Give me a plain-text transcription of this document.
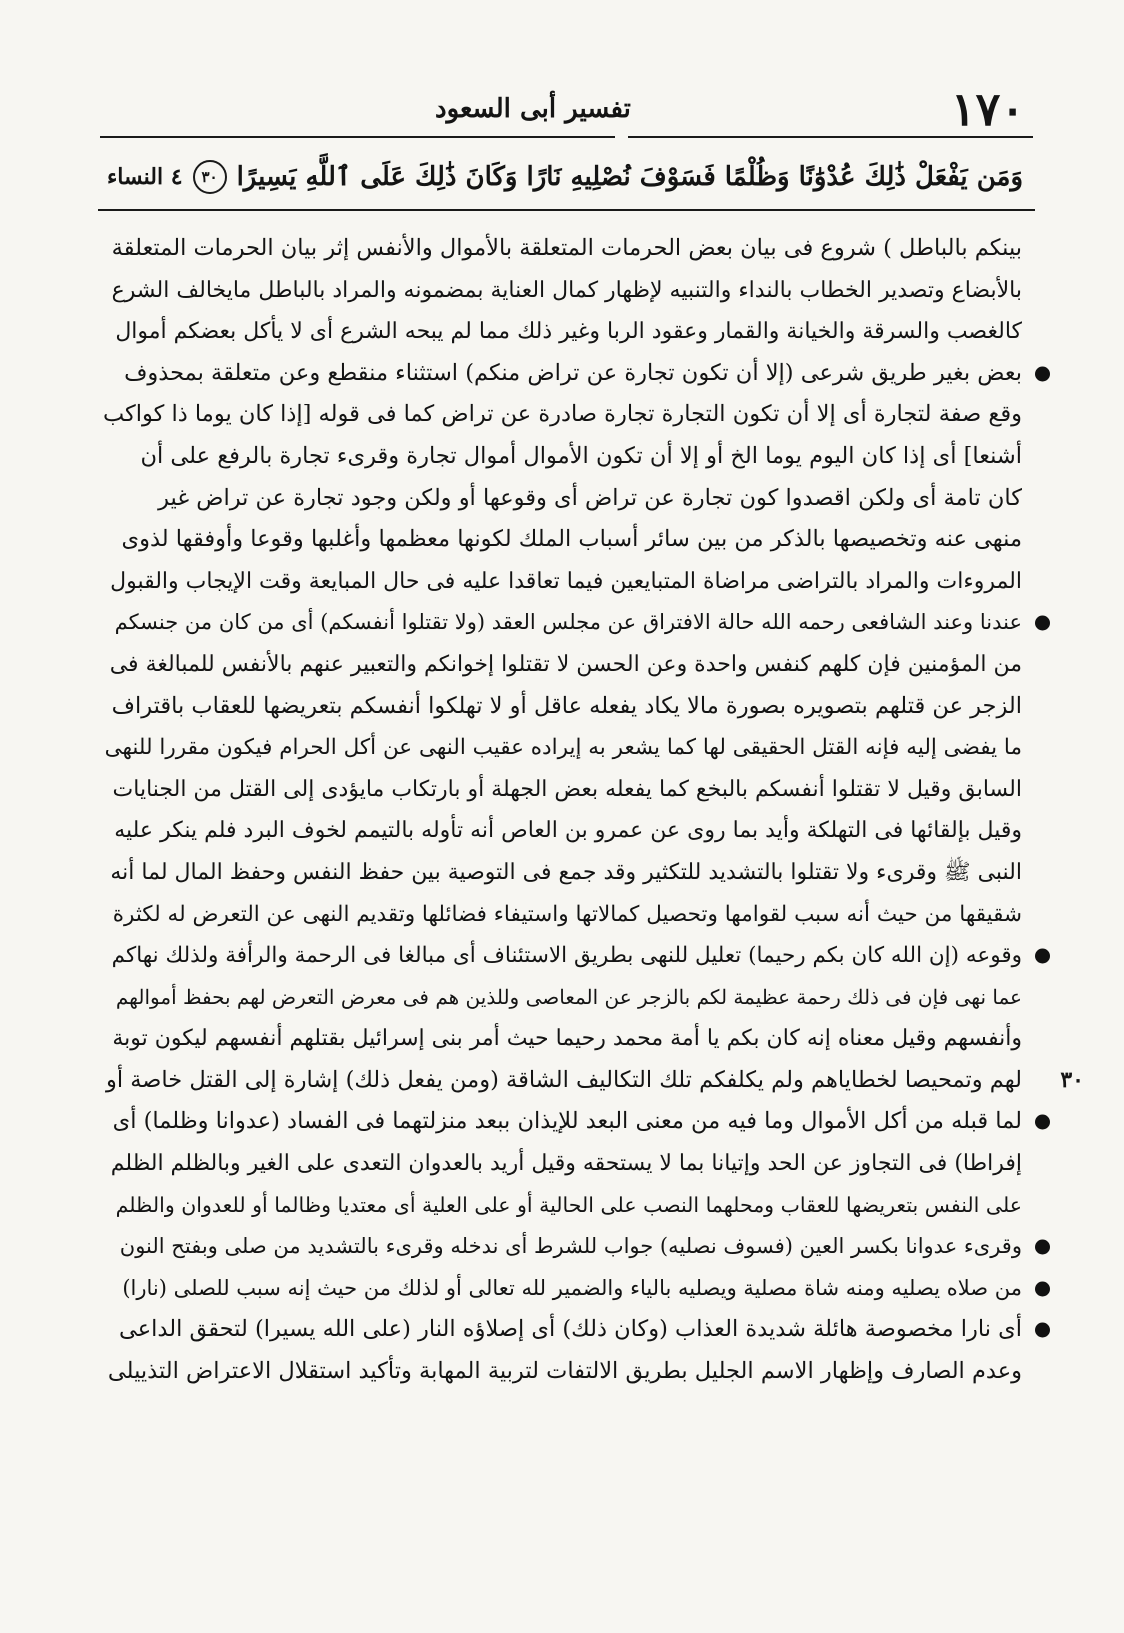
١٧٠
تفسير أبى السعود
وَمَن يَفْعَلْ ذَٰلِكَ عُدْوَٰنًا وَظُلْمًا فَسَوْفَ نُصْلِيهِ نَارًا وَكَانَ ذَٰلِكَ عَلَى ٱللَّهِ يَسِيرًا
٣٠
٤ النساء
بينكم بالباطل ) شروع فى بيان بعض الحرمات المتعلقة بالأموال والأنفس إثر بيان الحرمات المتعلقة
بالأبضاع وتصدير الخطاب بالنداء والتنبيه لإظهار كمال العناية بمضمونه والمراد بالباطل مايخالف الشرع
كالغصب والسرقة والخيانة والقمار وعقود الربا وغير ذلك مما لم يبحه الشرع أى لا يأكل بعضكم أموال
بعض بغير طريق شرعى (إلا أن تكون تجارة عن تراض منكم) استثناء منقطع وعن متعلقة بمحذوف
وقع صفة لتجارة أى إلا أن تكون التجارة تجارة صادرة عن تراض كما فى قوله [إذا كان يوما ذا كواكب
أشنعا] أى إذا كان اليوم يوما الخ أو إلا أن تكون الأموال أموال تجارة وقرىء تجارة بالرفع على أن
كان تامة أى ولكن اقصدوا كون تجارة عن تراض أى وقوعها أو ولكن وجود تجارة عن تراض غير
منهى عنه وتخصيصها بالذكر من بين سائر أسباب الملك لكونها معظمها وأغلبها وقوعا وأوفقها لذوى
المروءات والمراد بالتراضى مراضاة المتبايعين فيما تعاقدا عليه فى حال المبايعة وقت الإيجاب والقبول
عندنا وعند الشافعى رحمه الله حالة الافتراق عن مجلس العقد (ولا تقتلوا أنفسكم) أى من كان من جنسكم
من المؤمنين فإن كلهم كنفس واحدة وعن الحسن لا تقتلوا إخوانكم والتعبير عنهم بالأنفس للمبالغة فى
الزجر عن قتلهم بتصويره بصورة مالا يكاد يفعله عاقل أو لا تهلكوا أنفسكم بتعريضها للعقاب باقتراف
ما يفضى إليه فإنه القتل الحقيقى لها كما يشعر به إيراده عقيب النهى عن أكل الحرام فيكون مقررا للنهى
السابق وقيل لا تقتلوا أنفسكم بالبخع كما يفعله بعض الجهلة أو بارتكاب مايؤدى إلى القتل من الجنايات
وقيل بإلقائها فى التهلكة وأيد بما روى عن عمرو بن العاص أنه تأوله بالتيمم لخوف البرد فلم ينكر عليه
النبى ﷺ وقرىء ولا تقتلوا بالتشديد للتكثير وقد جمع فى التوصية بين حفظ النفس وحفظ المال لما أنه
شقيقها من حيث أنه سبب لقوامها وتحصيل كمالاتها واستيفاء فضائلها وتقديم النهى عن التعرض له لكثرة
وقوعه (إن الله كان بكم رحيما) تعليل للنهى بطريق الاستئناف أى مبالغا فى الرحمة والرأفة ولذلك نهاكم
عما نهى فإن فى ذلك رحمة عظيمة لكم بالزجر عن المعاصى وللذين هم فى معرض التعرض لهم بحفظ أموالهم
وأنفسهم وقيل معناه إنه كان بكم يا أمة محمد رحيما حيث أمر بنى إسرائيل بقتلهم أنفسهم ليكون توبة
لهم وتمحيصا لخطاياهم ولم يكلفكم تلك التكاليف الشاقة (ومن يفعل ذلك) إشارة إلى القتل خاصة أو ٣٠
لما قبله من أكل الأموال وما فيه من معنى البعد للإيذان ببعد منزلتهما فى الفساد (عدوانا وظلما) أى
إفراطا) فى التجاوز عن الحد وإتيانا بما لا يستحقه وقيل أريد بالعدوان التعدى على الغير وبالظلم الظلم
على النفس بتعريضها للعقاب ومحلهما النصب على الحالية أو على العلية أى معتديا وظالما أو للعدوان والظلم
وقرىء عدوانا بكسر العين (فسوف نصليه) جواب للشرط أى ندخله وقرىء بالتشديد من صلى وبفتح النون
من صلاه يصليه ومنه شاة مصلية ويصليه بالياء والضمير لله تعالى أو لذلك من حيث إنه سبب للصلى (نارا)
أى نارا مخصوصة هائلة شديدة العذاب (وكان ذلك) أى إصلاؤه النار (على الله يسيرا) لتحقق الداعى
وعدم الصارف وإظهار الاسم الجليل بطريق الالتفات لتربية المهابة وتأكيد استقلال الاعتراض التذييلى
